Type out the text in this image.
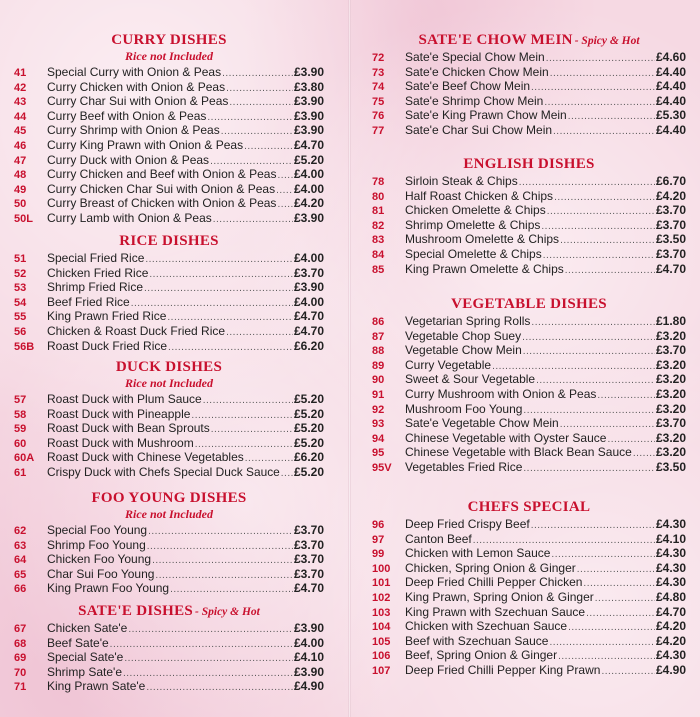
CURRY DISHES
Rice not Included
41	Special Curry with Onion & Peas .....	£3.90
42	Curry Chicken with Onion & Peas .....	£3.80
43	Curry Char Sui with Onion & Peas .....	£3.90
44	Curry Beef with Onion & Peas .....	£3.90
45	Curry Shrimp with Onion & Peas .....	£3.90
46	Curry King Prawn with Onion & Peas .....	£4.70
47	Curry Duck with Onion & Peas .....	£5.20
48	Curry Chicken and Beef with Onion & Peas ..... £4.00
49	Curry Chicken Char Sui with Onion & Peas ..... £4.00
50	Curry Breast of Chicken with Onion & Peas ..... £4.20
50L	Curry Lamb with Onion & Peas .....	£3.90
RICE DISHES
51	Special Fried Rice .....	£4.00
52	Chicken Fried Rice .....	£3.70
53	Shrimp Fried Rice .....	£3.90
54	Beef Fried Rice .....	£4.00
55	King Prawn Fried Rice .....	£4.70
56	Chicken & Roast Duck Fried Rice .....	£4.70
56B	Roast Duck Fried Rice .....	£6.20
DUCK DISHES
Rice not Included
57	Roast Duck with Plum Sauce .....	£5.20
58	Roast Duck with Pineapple .....	£5.20
59	Roast Duck with Bean Sprouts .....	£5.20
60	Roast Duck with Mushroom .....	£5.20
60A	Roast Duck with Chinese Vegetables .....	£6.20
61	Crispy Duck with Chefs Special Duck Sauce ..... £5.20
FOO YOUNG DISHES
Rice not Included
62	Special Foo Young .....	£3.70
63	Shrimp Foo Young .....	£3.70
64	Chicken Foo Young .....	£3.70
65	Char Sui Foo Young .....	£3.70
66	King Prawn Foo Young .....	£4.70
SATE'E DISHES - Spicy & Hot
67	Chicken Sate'e .....	£3.90
68	Beef Sate'e .....	£4.00
69	Special Sate'e .....	£4.10
70	Shrimp Sate'e .....	£3.90
71	King Prawn Sate'e .....	£4.90
SATE'E CHOW MEIN - Spicy & Hot
72	Sate'e Special Chow Mein .....	£4.60
73	Sate'e Chicken Chow Mein .....	£4.40
74	Sate'e Beef Chow Mein .....	£4.40
75	Sate'e Shrimp Chow Mein .....	£4.40
76	Sate'e King Prawn Chow Mein .....	£5.30
77	Sate'e Char Sui Chow Mein .....	£4.40
ENGLISH DISHES
78	Sirloin Steak & Chips .....	£6.70
80	Half Roast Chicken & Chips .....	£4.20
81	Chicken Omelette & Chips .....	£3.70
82	Shrimp Omelette & Chips .....	£3.70
83	Mushroom Omelette & Chips .....	£3.50
84	Special Omelette & Chips .....	£3.70
85	King Prawn Omelette & Chips .....	£4.70
VEGETABLE DISHES
86	Vegetarian Spring Rolls .....	£1.80
87	Vegetable Chop Suey .....	£3.20
88	Vegetable Chow Mein .....	£3.70
89	Curry Vegetable .....	£3.20
90	Sweet & Sour Vegetable .....	£3.20
91	Curry Mushroom with Onion & Peas .....	£3.20
92	Mushroom Foo Young .....	£3.20
93	Sate'e Vegetable Chow Mein .....	£3.70
94	Chinese Vegetable with Oyster Sauce .....	£3.20
95	Chinese Vegetable with Black Bean Sauce ..... £3.20
95V	Vegetables Fried Rice .....	£3.50
CHEFS SPECIAL
96	Deep Fried Crispy Beef .....	£4.30
97	Canton Beef .....	£4.10
99	Chicken with Lemon Sauce .....	£4.30
100	Chicken, Spring Onion & Ginger .....	£4.30
101	Deep Fried Chilli Pepper Chicken .....	£4.30
102	King Prawn, Spring Onion & Ginger .....	£4.80
103	King Prawn with Szechuan Sauce .....	£4.70
104	Chicken with Szechuan Sauce .....	£4.20
105	Beef with Szechuan Sauce .....	£4.20
106	Beef, Spring Onion & Ginger .....	£4.30
107	Deep Fried Chilli Pepper King Prawn .....	£4.90
